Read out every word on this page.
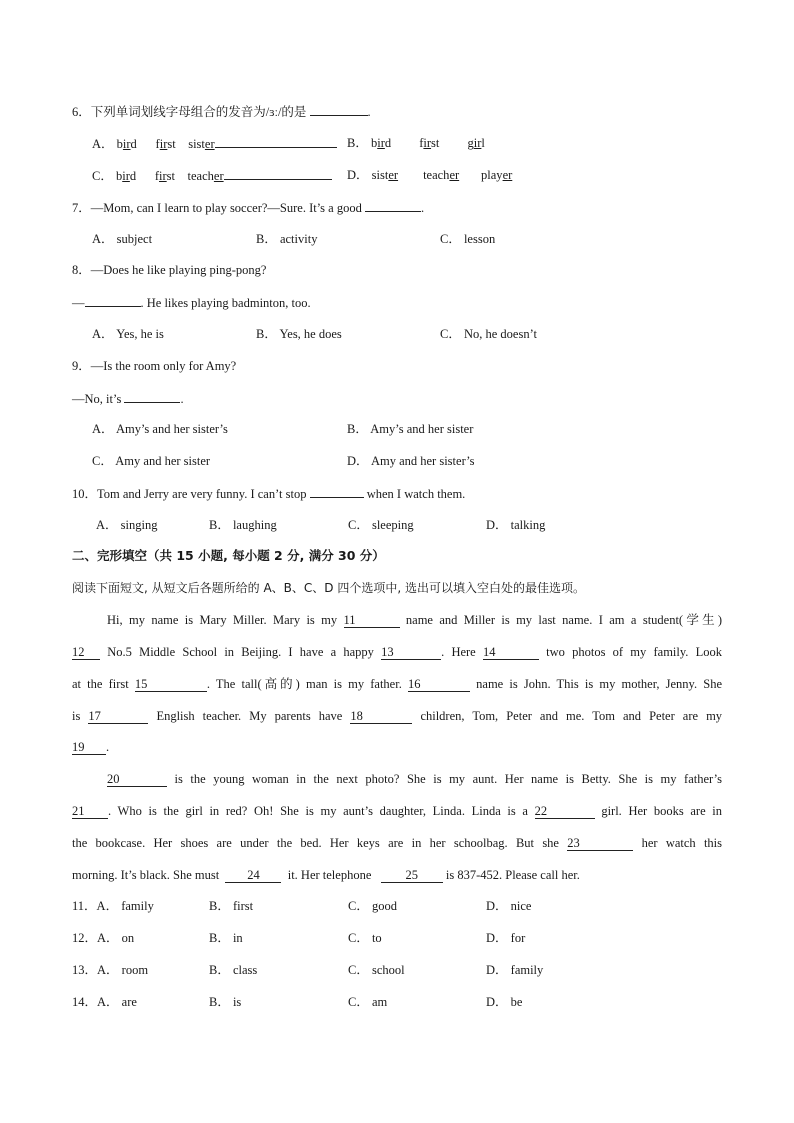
6．下列单词划线字母组合的发音为/ɜː/的是	.
A． bird first sister	B． bird first girl
C． bird first teacher	D． sister teacher player
7．—Mom, can I learn to play soccer?—Sure. It’s a good	.
A． subject	B． activity	C． lesson
8．—Does he like playing ping-pong?
—	. He likes playing badminton, too.
A． Yes, he is	B． Yes, he does	C． No, he doesn’t
9．—Is the room only for Amy?
—No, it’s	.
A． Amy’s and her sister’s	B． Amy’s and her sister
C． Amy and her sister	D． Amy and her sister’s
10．Tom and Jerry are very funny. I can’t stop	when I watch them.
A． singing	B． laughing	C． sleeping	D． talking
二、完形填空（共 15 小题, 每小题 2 分, 满分 30 分）
阅读下面短文, 从短文后各题所给的 A、B、C、D 四个选项中, 选出可以填入空白处的最佳选项。
Hi, my name is Mary Miller. Mary is my 11	name and Miller is my last name. I am a student(学生)
12 No.5 Middle School in Beijing. I have a happy 13	. Here 14	two photos of my family. Look
at the first 15	. The tall(高的) man is my father. 16	name is John. This is my mother, Jenny. She
is 17	English teacher. My parents have 18	children, Tom, Peter and me. Tom and Peter are my
19 .
20	is the young woman in the next photo? She is my aunt. Her name is Betty. She is my father’s
21 . Who is the girl in red? Oh! She is my aunt’s daughter, Linda. Linda is a 22	girl. Her books are in
the bookcase. Her shoes are under the bed. Her keys are in her schoolbag. But she 23	her watch this
morning. It’s black. She must 24 it. Her telephone	25 is 837-452. Please call her.
11．A． family	B． first	C． good	D． nice
12．A． on	B． in	C． to	D． for
13．A． room	B． class	C． school	D． family
14．A． are	B． is	C． am	D． be
